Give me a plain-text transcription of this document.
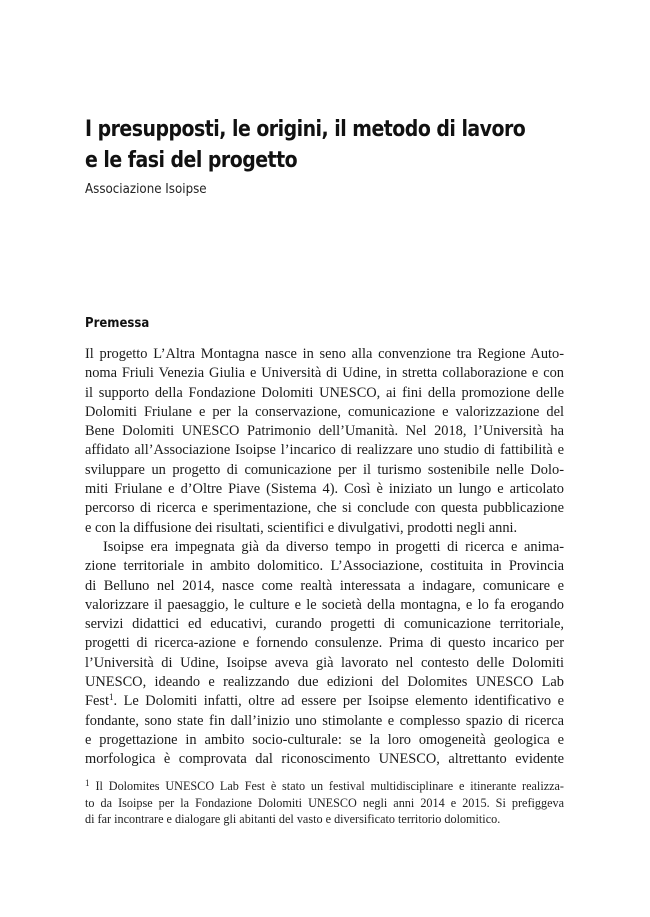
I presupposti, le origini, il metodo di lavoro
e le fasi del progetto
Associazione Isoipse
Premessa

Il progetto L’Altra Montagna nasce in seno alla convenzione tra Regione Auto-
noma Friuli Venezia Giulia e Università di Udine, in stretta collaborazione e con
il supporto della Fondazione Dolomiti UNESCO, ai fini della promozione delle
Dolomiti Friulane e per la conservazione, comunicazione e valorizzazione del
Bene Dolomiti UNESCO Patrimonio dell’Umanità. Nel 2018, l’Università ha
affidato all’Associazione Isoipse l’incarico di realizzare uno studio di fattibilità e
sviluppare un progetto di comunicazione per il turismo sostenibile nelle Dolo-
miti Friulane e d’Oltre Piave (Sistema 4). Così è iniziato un lungo e articolato
percorso di ricerca e sperimentazione, che si conclude con questa pubblicazione
e con la diffusione dei risultati, scientifici e divulgativi, prodotti negli anni.

Isoipse era impegnata già da diverso tempo in progetti di ricerca e anima-
zione territoriale in ambito dolomitico. L’Associazione, costituita in Provincia
di Belluno nel 2014, nasce come realtà interessata a indagare, comunicare e
valorizzare il paesaggio, le culture e le società della montagna, e lo fa erogando
servizi didattici ed educativi, curando progetti di comunicazione territoriale,
progetti di ricerca-azione e fornendo consulenze. Prima di questo incarico per
l’Università di Udine, Isoipse aveva già lavorato nel contesto delle Dolomiti
UNESCO, ideando e realizzando due edizioni del Dolomites UNESCO Lab
Fest$^1$. Le Dolomiti infatti, oltre ad essere per Isoipse elemento identificativo e
fondante, sono state fin dall’inizio uno stimolante e complesso spazio di ricerca
e progettazione in ambito socio-culturale: se la loro omogeneità geologica e
morfologica è comprovata dal riconoscimento UNESCO, altrettanto evidente

$^1$ Il Dolomites UNESCO Lab Fest è stato un festival multidisciplinare e itinerante realizza-
to da Isoipse per la Fondazione Dolomiti UNESCO negli anni 2014 e 2015. Si prefiggeva
di far incontrare e dialogare gli abitanti del vasto e diversificato territorio dolomitico.
